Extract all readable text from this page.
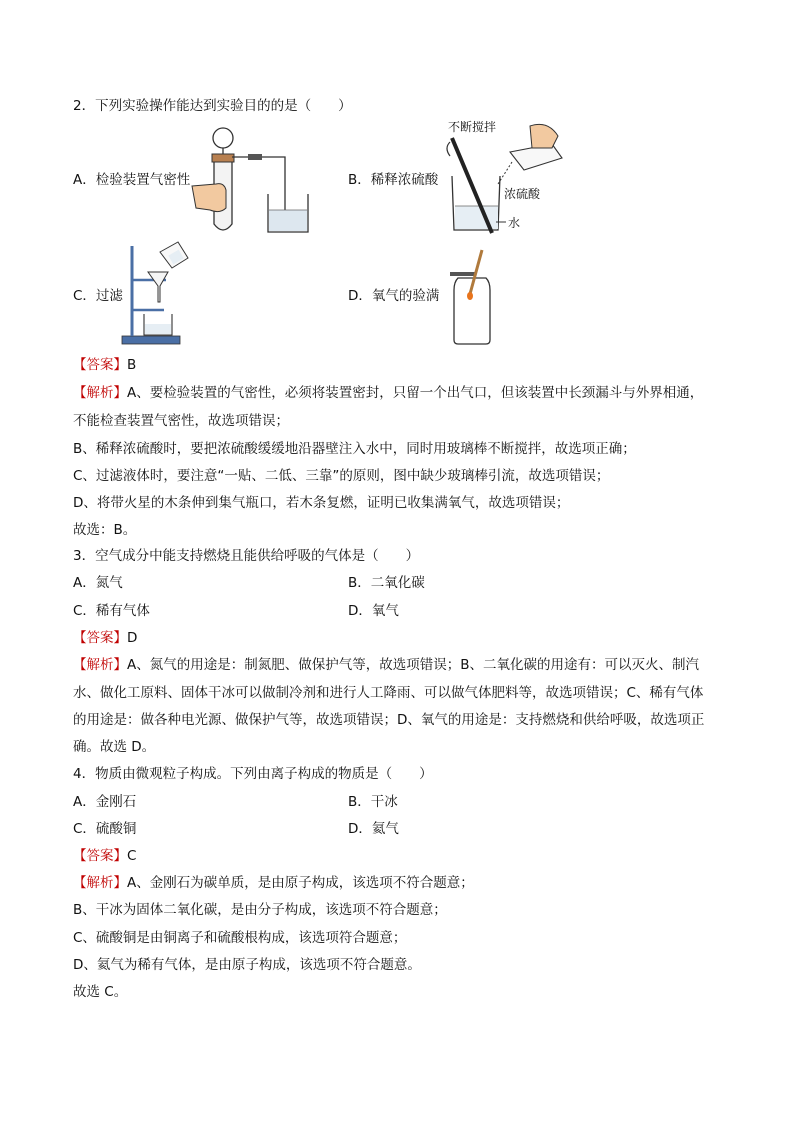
2．下列实验操作能达到实验目的的是（　　）
A．检验装置气密性	B．稀释浓硫酸
C．过滤	D．氧气的验满
不断搅拌
浓硫酸
水
【答案】B
【解析】A、要检验装置的气密性，必须将装置密封，只留一个出气口，但该装置中长颈漏斗与外界相通，
不能检查装置气密性，故选项错误；
B、稀释浓硫酸时，要把浓硫酸缓缓地沿器壁注入水中，同时用玻璃棒不断搅拌，故选项正确；
C、过滤液体时，要注意“一贴、二低、三靠”的原则，图中缺少玻璃棒引流，故选项错误；
D、将带火星的木条伸到集气瓶口，若木条复燃，证明已收集满氧气，故选项错误；
故选：B。
3．空气成分中能支持燃烧且能供给呼吸的气体是（　　）
A．氮气	B．二氧化碳
C．稀有气体	D．氧气
【答案】D
【解析】A、氮气的用途是：制氮肥、做保护气等，故选项错误；B、二氧化碳的用途有：可以灭火、制汽
水、做化工原料、固体干冰可以做制冷剂和进行人工降雨、可以做气体肥料等，故选项错误；C、稀有气体
的用途是：做各种电光源、做保护气等，故选项错误；D、氧气的用途是：支持燃烧和供给呼吸，故选项正
确。故选 D。
4．物质由微观粒子构成。下列由离子构成的物质是（　　）
A．金刚石	B．干冰
C．硫酸铜	D．氦气
【答案】C
【解析】A、金刚石为碳单质，是由原子构成，该选项不符合题意；
B、干冰为固体二氧化碳，是由分子构成，该选项不符合题意；
C、硫酸铜是由铜离子和硫酸根构成，该选项符合题意；
D、氦气为稀有气体，是由原子构成，该选项不符合题意。
故选 C。
